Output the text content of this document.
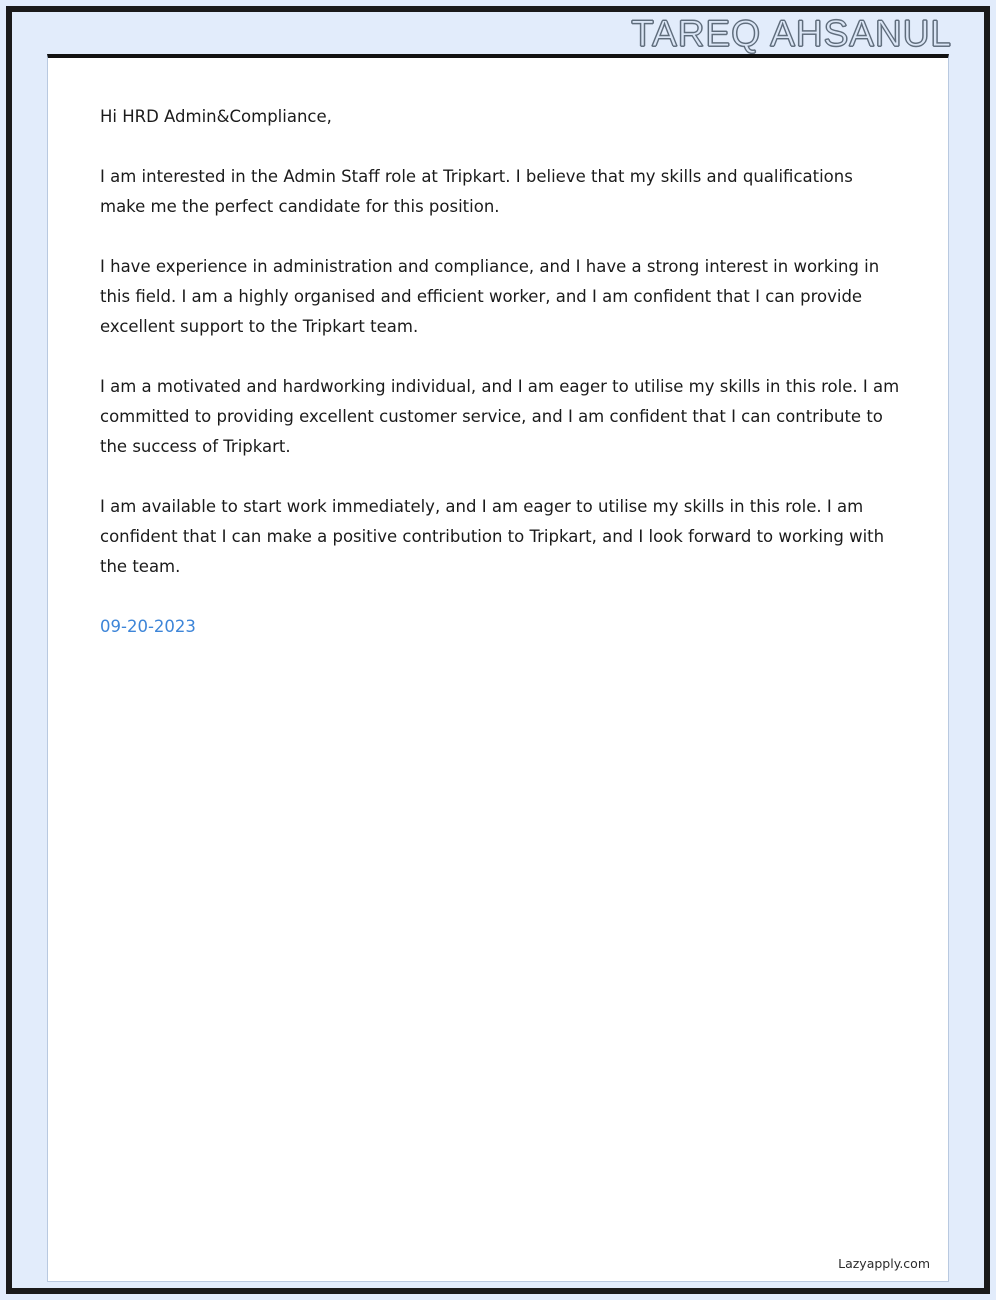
TAREQ AHSANUL

Hi HRD Admin&Compliance,

I am interested in the Admin Staff role at Tripkart. I believe that my skills and qualifications make me the perfect candidate for this position.

I have experience in administration and compliance, and I have a strong interest in working in this field. I am a highly organised and efficient worker, and I am confident that I can provide excellent support to the Tripkart team.

I am a motivated and hardworking individual, and I am eager to utilise my skills in this role. I am committed to providing excellent customer service, and I am confident that I can contribute to the success of Tripkart.

I am available to start work immediately, and I am eager to utilise my skills in this role. I am confident that I can make a positive contribution to Tripkart, and I look forward to working with the team.

09-20-2023

Lazyapply.com
